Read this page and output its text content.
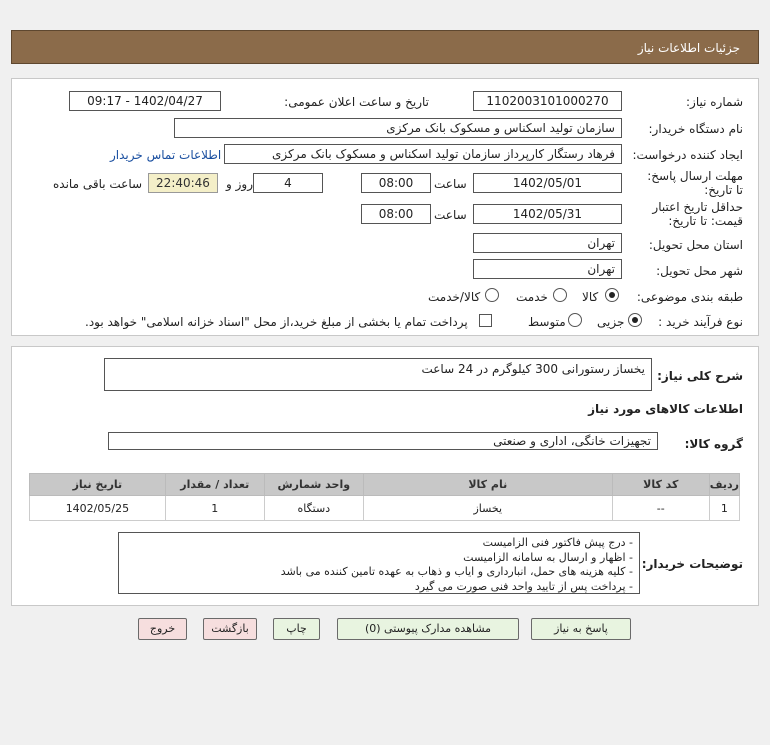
جزئیات اطلاعات نیاز
شماره نیاز:
1102003101000270
تاریخ و ساعت اعلان عمومی:
1402/04/27 - 09:17
نام دستگاه خریدار:
سازمان تولید اسکناس و مسکوک بانک مرکزی
ایجاد کننده درخواست:
فرهاد رستگار کارپرداز سازمان تولید اسکناس و مسکوک بانک مرکزی
اطلاعات تماس خریدار
مهلت ارسال پاسخ: تا تاریخ:
1402/05/01
ساعت
08:00
4
روز و
22:40:46
ساعت باقی مانده
حداقل تاریخ اعتبار قیمت: تا تاریخ:
1402/05/31
ساعت
08:00
استان محل تحویل:
تهران
شهر محل تحویل:
تهران
طبقه بندی موضوعی:
کالا
خدمت
کالا/خدمت
نوع فرآیند خرید :
جزیی
متوسط
پرداخت تمام یا بخشی از مبلغ خرید،از محل "اسناد خزانه اسلامی" خواهد بود.
شرح کلی نیاز:
یخساز رستورانی 300 کیلوگرم در 24 ساعت
اطلاعات کالاهای مورد نیاز
گروه کالا:
تجهیزات خانگی، اداری و صنعتی
ردیف	کد کالا	نام کالا	واحد شمارش	تعداد / مقدار	تاریخ نیاز
1	--	یخساز	دستگاه	1	1402/05/25
توضیحات خریدار:
- درج پیش فاکتور فنی الزامیست
- اظهار و ارسال به سامانه الزامیست
- کلیه هزینه های حمل، انبارداری و ایاب و ذهاب به عهده تامین کننده می باشد
- پرداخت پس از تایید واحد فنی صورت می گیرد
پاسخ به نیاز
مشاهده مدارک پیوستی (0)
چاپ
بازگشت
خروج
